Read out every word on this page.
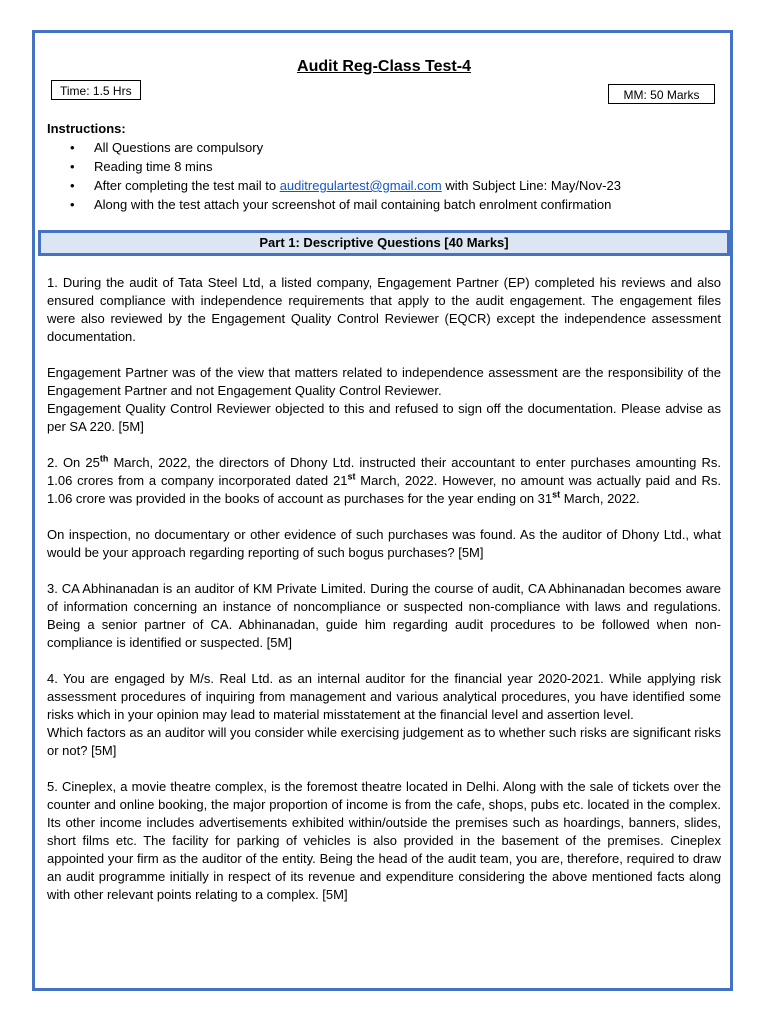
Audit Reg-Class Test-4
Time: 1.5 Hrs	MM: 50 Marks
Instructions:
• All Questions are compulsory
• Reading time 8 mins
• After completing the test mail to auditregulartest@gmail.com with Subject Line: May/Nov-23
• Along with the test attach your screenshot of mail containing batch enrolment confirmation
Part 1: Descriptive Questions [40 Marks]

1. During the audit of Tata Steel Ltd, a listed company, Engagement Partner (EP) completed his reviews and also ensured compliance with independence requirements that apply to the audit engagement. The engagement files were also reviewed by the Engagement Quality Control Reviewer (EQCR) except the independence assessment documentation.

Engagement Partner was of the view that matters related to independence assessment are the responsibility of the Engagement Partner and not Engagement Quality Control Reviewer.

Engagement Quality Control Reviewer objected to this and refused to sign off the documentation. Please advise as per SA 220. [5M]

2. On 25th March, 2022, the directors of Dhony Ltd. instructed their accountant to enter purchases amounting Rs. 1.06 crores from a company incorporated dated 21st March, 2022. However, no amount was actually paid and Rs. 1.06 crore was provided in the books of account as purchases for the year ending on 31st March, 2022.

On inspection, no documentary or other evidence of such purchases was found. As the auditor of Dhony Ltd., what would be your approach regarding reporting of such bogus purchases? [5M]

3. CA Abhinanadan is an auditor of KM Private Limited. During the course of audit, CA Abhinanadan becomes aware of information concerning an instance of noncompliance or suspected non-compliance with laws and regulations. Being a senior partner of CA. Abhinanadan, guide him regarding audit procedures to be followed when non-compliance is identified or suspected. [5M]

4. You are engaged by M/s. Real Ltd. as an internal auditor for the financial year 2020-2021. While applying risk assessment procedures of inquiring from management and various analytical procedures, you have identified some risks which in your opinion may lead to material misstatement at the financial level and assertion level.

Which factors as an auditor will you consider while exercising judgement as to whether such risks are significant risks or not? [5M]

5. Cineplex, a movie theatre complex, is the foremost theatre located in Delhi. Along with the sale of tickets over the counter and online booking, the major proportion of income is from the cafe, shops, pubs etc. located in the complex. Its other income includes advertisements exhibited within/outside the premises such as hoardings, banners, slides, short films etc. The facility for parking of vehicles is also provided in the basement of the premises. Cineplex appointed your firm as the auditor of the entity. Being the head of the audit team, you are, therefore, required to draw an audit programme initially in respect of its revenue and expenditure considering the above mentioned facts along with other relevant points relating to a complex. [5M]
